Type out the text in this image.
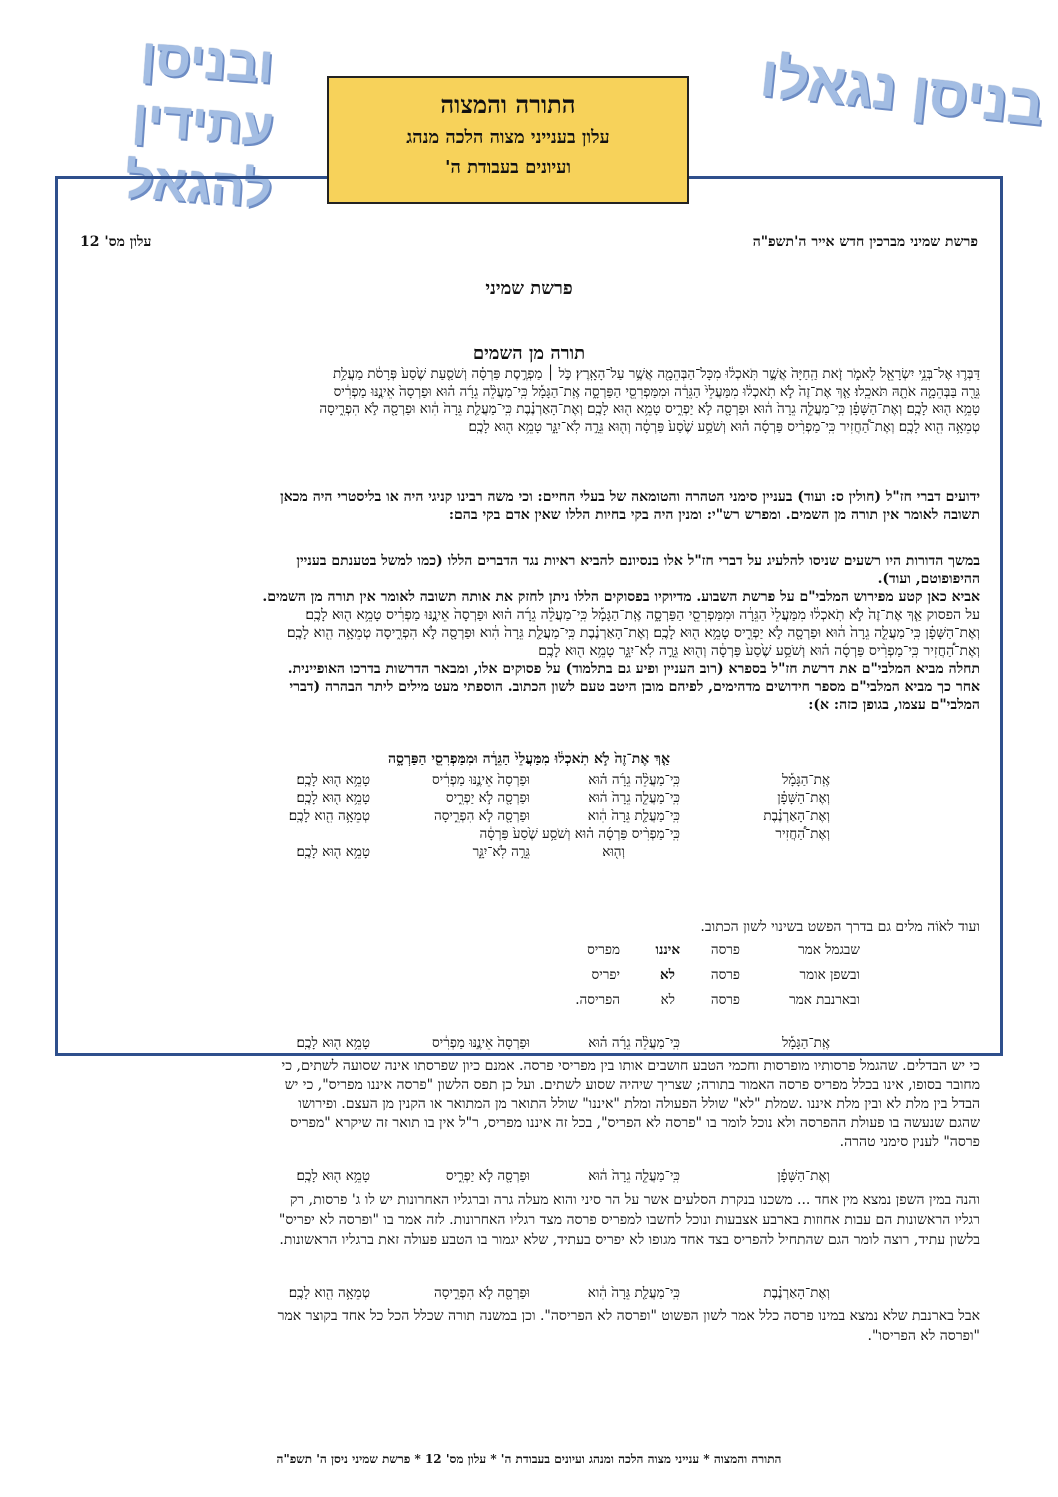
ובניסן עתידין
להגאל
בניסן נגאלו
התורה והמצוה
עלון בענייני מצוה הלכה מנהג
ועיונים בעבודת ה'
פרשת שמיני מברכין חדש אייר ה'תשפ"ה
עלון מס' 12
פרשת שמיני
תורה מן השמים
דַּבְּר֛וּ אֶל־בְּנֵ֥י יִשְׂרָאֵ֖ל לֵאמֹ֑ר זֹ֤את הַֽחַיָּה֙ אֲשֶׁ֣ר תֹּֽאכְל֔וּ מִכָּל־הַבְּהֵמָ֖ה אֲשֶׁ֥ר עַל־הָאָֽרֶץ׃ כֹּ֣ל ׀ מַפְרֶ֣סֶת פַּרְסָ֗ה וְשֹׁסַ֤עַת שֶׁ֙סַע֙ פְּרָסֹ֔ת מַעֲלַ֥ת
גֵּרָ֖ה בַּבְּהֵמָ֑ה אֹתָ֖הּ תֹּאכֵֽלוּ׃ אַ֤ךְ אֶת־זֶה֙ לֹ֣א תֹֽאכְל֔וּ מִמַּעֲלֵי֙ הַגֵּרָ֔ה וּמִמַּפְרִסֵ֖י הַפַּרְסָ֑ה אֶֽת־הַגָּמָ֡ל כִּֽי־מַעֲלֵ֨ה גֵרָ֜ה ה֗וּא וּפַרְסָה֙ אֵינֶ֣נּוּ מַפְרִ֔יס
טָמֵ֥א ה֖וּא לָכֶֽם׃ וְאֶת־הַשָּׁפָ֗ן כִּֽי־מַעֲלֵ֤ה גֵרָה֙ ה֔וּא וּפַרְסָ֖ה לֹ֣א יַפְרִ֑יס טָמֵ֥א ה֖וּא לָכֶֽם׃ וְאֶת־הָאַרְנֶ֗בֶת כִּֽי־מַעֲלַ֤ת גֵּרָה֙ הִ֔וא וּפַרְסָ֖ה לֹ֣א הִפְרִ֑יסָה
טְמֵאָ֥ה הִ֖וא לָכֶֽם׃ וְאֶת־הַ֠חֲזִיר כִּֽי־מַפְרִ֨יס פַּרְסָ֜ה ה֗וּא וְשֹׁסַ֥ע שֶׁ֙סַע֙ פַּרְסָ֔ה וְה֖וּא גֵּרָ֣ה לֹֽא־יִגָּ֑ר טָמֵ֥א ה֖וּא לָכֶֽם׃
ידועים דברי חז"ל (חולין ס: ועוד) בעניין סימני הטהרה והטומאה של בעלי החיים: וכי משה רבינו קניגי היה או בליסטרי היה מכאן
תשובה לאומר אין תורה מן השמים. ומפרש רש"י: ומנין היה בקי בחיות הללו שאין אדם בקי בהם:
במשך הדורות היו רשעים שניסו להלעיג על דברי חז"ל אלו בנסיונם להביא ראיות נגד הדברים הללו (כמו למשל בטענתם בעניין
ההיפופוטם, ועוד).
אביא כאן קטע מפירוש המלבי"ם על פרשת השבוע. מדיוקיו בפסוקים הללו ניתן לחזק את אותה תשובה לאומר אין תורה מן השמים.
על הפסוק אַ֤ךְ אֶת־זֶה֙ לֹ֣א תֹֽאכְל֔וּ מִמַּעֲלֵי֙ הַגֵּרָ֔ה וּמִמַּפְרִסֵ֖י הַפַּרְסָ֑ה אֶֽת־הַגָּמָ֡ל כִּֽי־מַעֲלֵ֨ה גֵרָ֜ה ה֗וּא וּפַרְסָה֙ אֵינֶ֣נּוּ מַפְרִ֔יס טָמֵ֥א ה֖וּא לָכֶֽם׃
וְאֶת־הַשָּׁפָ֗ן כִּֽי־מַעֲלֵ֤ה גֵרָה֙ ה֔וּא וּפַרְסָ֖ה לֹ֣א יַפְרִ֑יס טָמֵ֥א ה֖וּא לָכֶֽם׃ וְאֶת־הָאַרְנֶ֗בֶת כִּֽי־מַעֲלַ֤ת גֵּרָה֙ הִ֔וא וּפַרְסָ֖ה לֹ֣א הִפְרִ֑יסָה טְמֵאָ֥ה הִ֖וא לָכֶֽם׃
וְאֶת־הַ֠חֲזִיר כִּֽי־מַפְרִ֨יס פַּרְסָ֜ה ה֗וּא וְשֹׁסַ֥ע שֶׁ֙סַע֙ פַּרְסָ֔ה וְה֖וּא גֵּרָ֣ה לֹֽא־יִגָּ֑ר טָמֵ֥א ה֖וּא לָכֶֽם׃
תחלה מביא המלבי"ם את דרשת חז"ל בספרא (רוב העניין ופיע גם בתלמוד) על פסוקים אלו, ומבאר הדרשות בדרכו האופיינית.
אחר כך מביא המלבי"ם מספר חידושים מדהימים, לפיהם מובן היטב טעם לשון הכתוב. הוספתי מעט מילים ליתר הבהרה (דברי
המלבי"ם עצמו, בגופן כזה: א):
אַ֤ךְ אֶת־זֶה֙ לֹ֣א תֹֽאכְל֔וּ מִמַּעֲלֵי֙ הַגֵּרָ֔ה וּמִמַּפְרִסֵ֖י הַפַּרְסָ֑ה
אֶֽת־הַגָּמָ֡ל
כִּֽי־מַעֲלֵ֨ה גֵרָ֜ה ה֗וּא
וּפַרְסָה֙ אֵינֶ֣נּוּ מַפְרִ֔יס
טָמֵ֥א ה֖וּא לָכֶֽם׃
וְאֶת־הַשָּׁפָ֗ן
כִּֽי־מַעֲלֵ֤ה גֵרָה֙ ה֔וּא
וּפַרְסָ֖ה לֹ֣א יַפְרִ֑יס
טָמֵ֥א ה֖וּא לָכֶֽם׃
וְאֶת־הָאַרְנֶ֗בֶת
כִּֽי־מַעֲלַ֤ת גֵּרָה֙ הִ֔וא
וּפַרְסָ֖ה לֹ֣א הִפְרִ֑יסָה
טְמֵאָ֥ה הִ֖וא לָכֶֽם׃
וְאֶת־הַ֠חֲזִיר
כִּֽי־מַפְרִ֨יס פַּרְסָ֜ה ה֗וּא וְשֹׁסַ֥ע שֶׁ֙סַע֙ פַּרְסָ֔ה
וְה֖וּא
גֵּרָ֣ה לֹֽא־יִגָּ֑ר
טָמֵ֥א ה֖וּא לָכֶֽם׃
ועוד לאֹוֹה מלים גם בדרך הפשט בשינוי לשון הכתוב.
שבגמל אמר
פרסה
איננו
מפריס
ובשפן אומר
פרסה
לא
יפריס
ובארנבת אמר
פרסה
לא
הפריסה.
אֶֽת־הַגָּמָ֡ל
כִּֽי־מַעֲלֵ֨ה גֵרָ֜ה ה֗וּא
וּפַרְסָה֙ אֵינֶ֣נּוּ מַפְרִ֔יס
טָמֵ֥א ה֖וּא לָכֶֽם׃
כי יש הבדלים. שהגמל פרסותיו מופרסות וחכמי הטבע חושבים אותו בין מפריסי פרסה. אמנם כיון שפרסתו אינה שסועה לשתים, כי
מחובר בסופו, אינו בכלל מפריס פרסה האמור בתורה; שצריך שיהיה שסוע לשתים. ועל כן תפס הלשון "פרסה איננו מפריס", כי יש
הבדל בין מלת לא ובין מלת איננו .שמלת "לא" שולל הפעולה ומלת "איננו" שולל התואר מן המתואר או הקנין מן העצם. ופירושו
שהגם שנעשה בו פעולת ההפרסה ולא נוכל לומר בו "פרסה לא הפריס", בכל זה איננו מפריס, ר"ל אין בו תואר זה שיקרא "מפריס
פרסה" לענין סימני טהרה.
וְאֶת־הַשָּׁפָ֗ן
כִּֽי־מַעֲלֵ֤ה גֵרָה֙ ה֔וּא
וּפַרְסָ֖ה לֹ֣א יַפְרִ֑יס
טָמֵ֥א ה֖וּא לָכֶֽם׃
והנה במין השפן נמצא מין אחד ... משכנו בנקרת הסלעים אשר על הר סיני והוא מעלה גרה וברגליו האחרונות יש לו ג' פרסות, רק
רגליו הראשונות הם עבות אחוזות בארבע אצבעות ונוכל לחשבו למפריס פרסה מצד רגליו האחרונות. לזה אמר בו "ופרסה לא יפריס"
בלשון עתיד, רוצה לומר הגם שהתחיל להפריס בצד אחד מגופו לא יפריס בעתיד, שלא יגמור בו הטבע פעולה זאת ברגליו הראשונות.
וְאֶת־הָאַרְנֶ֗בֶת
כִּֽי־מַעֲלַ֤ת גֵּרָה֙ הִ֔וא
וּפַרְסָ֖ה לֹ֣א הִפְרִ֑יסָה
טְמֵאָ֥ה הִ֖וא לָכֶֽם׃
אבל בארנבת שלא נמצא במינו פרסה כלל אמר לשון הפשוט "ופרסה לא הפריסה". וכן במשנה תורה שכלל הכל כל אחד בקוצר אמר
"ופרסה לא הפריסו".
התורה והמצוה * ענייני מצוה הלכה ומנהג ועיונים בעבודת ה' * עלון מס' 12 * פרשת שמיני ניסן ה' תשפ"ה
